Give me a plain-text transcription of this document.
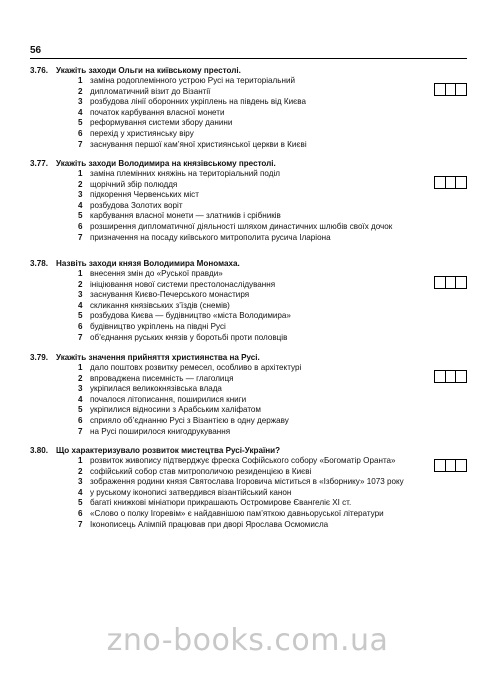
56
3.76. Укажіть заходи Ольги на київському престолі.
1 заміна родоплемінного устрою Русі на територіальний
2 дипломатичний візит до Візантії
3 розбудова лінії оборонних укріплень на південь від Києва
4 початок карбування власної монети
5 реформування системи збору данини
6 перехід у християнську віру
7 заснування першої кам’яної християнської церкви в Києві
3.77. Укажіть заходи Володимира на князівському престолі.
1 заміна племінних княжінь на територіальний поділ
2 щорічний збір полюддя
3 підкорення Червенських міст
4 розбудова Золотих воріт
5 карбування власної монети — златників і срібників
6 розширення дипломатичної діяльності шляхом династичних шлюбів своїх дочок
7 призначення на посаду київського митрополита русича Іларіона
3.78. Назвіть заходи князя Володимира Мономаха.
1 внесення змін до «Руської правди»
2 ініціювання нової системи престолонаслідування
3 заснування Києво-Печерського монастиря
4 скликання князівських з’їздів (снемів)
5 розбудова Києва — будівництво «міста Володимира»
6 будівництво укріплень на півдні Русі
7 об’єднання руських князів у боротьбі проти половців
3.79. Укажіть значення прийняття християнства на Русі.
1 дало поштовх розвитку ремесел, особливо в архітектурі
2 впроваджена писемність — глаголиця
3 укріпилася великокнязівська влада
4 почалося літописання, поширилися книги
5 укріпилися відносини з Арабським халіфатом
6 сприяло об’єднанню Русі з Візантією в одну державу
7 на Русі поширилося книгодрукування
3.80. Що характеризувало розвиток мистецтва Русі-України?
1 розвиток живопису підтверджує фреска Софійського собору «Богоматір Оранта»
2 софійський собор став митрополичою резиденцією в Києві
3 зображення родини князя Святослава Ігоровича міститься в «Ізборнику» 1073 року
4 у руському іконописі затвердився візантійський канон
5 багаті книжкові мініатюри прикрашають Остромирове Євангеліє XI ст.
6 «Слово о полку Ігоревім» є найдавнішою пам’яткою давньоруської літератури
7 Іконописець Алімпій працював при дворі Ярослава Осмомисла
zno-books.com.ua
